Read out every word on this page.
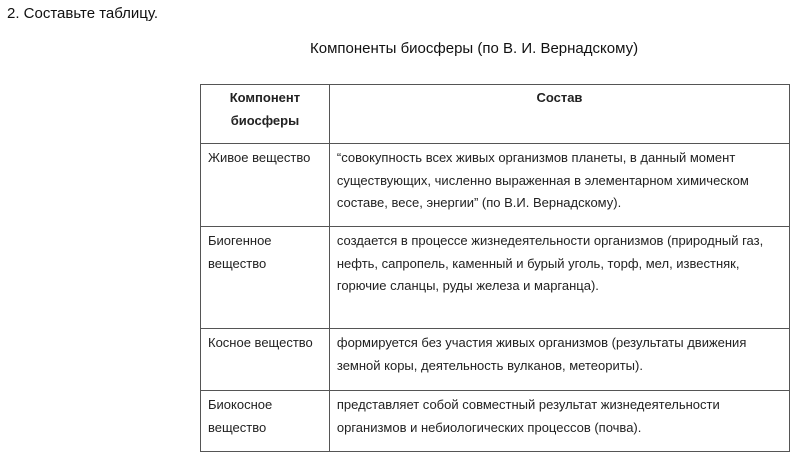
2. Составьте таблицу.
Компоненты биосферы (по В. И. Вернадскому)
Компонент биосферы	Состав
Живое вещество	“совокупность всех живых организмов планеты, в данный момент существующих, численно выраженная в элементарном химическом составе, весе, энергии” (по В.И. Вернадскому).
Биогенное вещество	создается в процессе жизнедеятельности организмов (природный газ, нефть, сапропель, каменный и бурый уголь, торф, мел, известняк, горючие сланцы, руды железа и марганца).
Косное вещество	формируется без участия живых организмов (результаты движения земной коры, деятельность вулканов, метеориты).
Биокосное вещество	представляет собой совместный результат жизнедеятельности организмов и небиологических процессов (почва).
